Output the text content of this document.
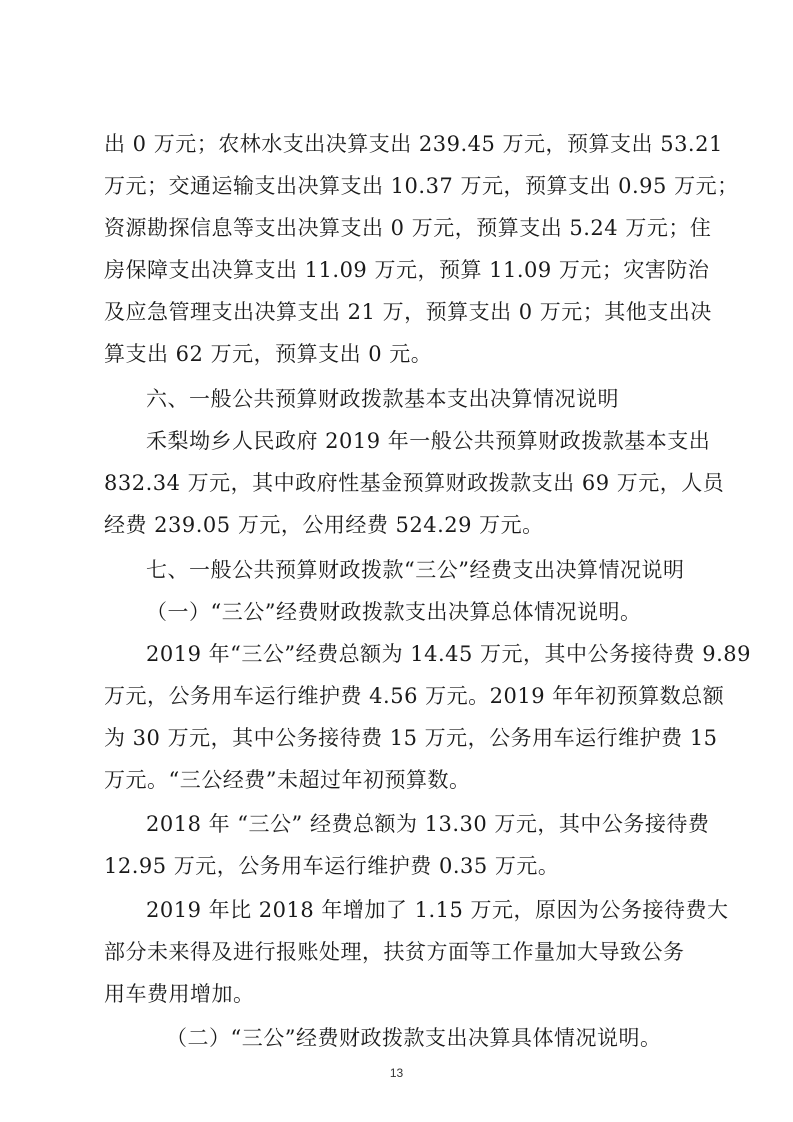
出 0 万元；农林水支出决算支出 239.45 万元，预算支出 53.21
万元；交通运输支出决算支出 10.37 万元，预算支出 0.95 万元；
资源勘探信息等支出决算支出 0 万元，预算支出 5.24 万元；住
房保障支出决算支出 11.09 万元，预算 11.09 万元；灾害防治
及应急管理支出决算支出 21 万，预算支出 0 万元；其他支出决
算支出 62 万元，预算支出 0 元。
六、一般公共预算财政拨款基本支出决算情况说明
禾梨坳乡人民政府 2019 年一般公共预算财政拨款基本支出
832.34 万元，其中政府性基金预算财政拨款支出 69 万元，人员
经费 239.05 万元，公用经费 524.29 万元。
七、一般公共预算财政拨款“三公”经费支出决算情况说明
（一）“三公”经费财政拨款支出决算总体情况说明。
2019 年“三公”经费总额为 14.45 万元，其中公务接待费 9.89
万元，公务用车运行维护费 4.56 万元。2019 年年初预算数总额
为 30 万元，其中公务接待费 15 万元，公务用车运行维护费 15
万元。“三公经费”未超过年初预算数。
2018 年 “三公” 经费总额为 13.30 万元，其中公务接待费
12.95 万元，公务用车运行维护费 0.35 万元。
2019 年比 2018 年增加了 1.15 万元，原因为公务接待费大
部分未来得及进行报账处理，扶贫方面等工作量加大导致公务
用车费用增加。
（二）“三公”经费财政拨款支出决算具体情况说明。
13
